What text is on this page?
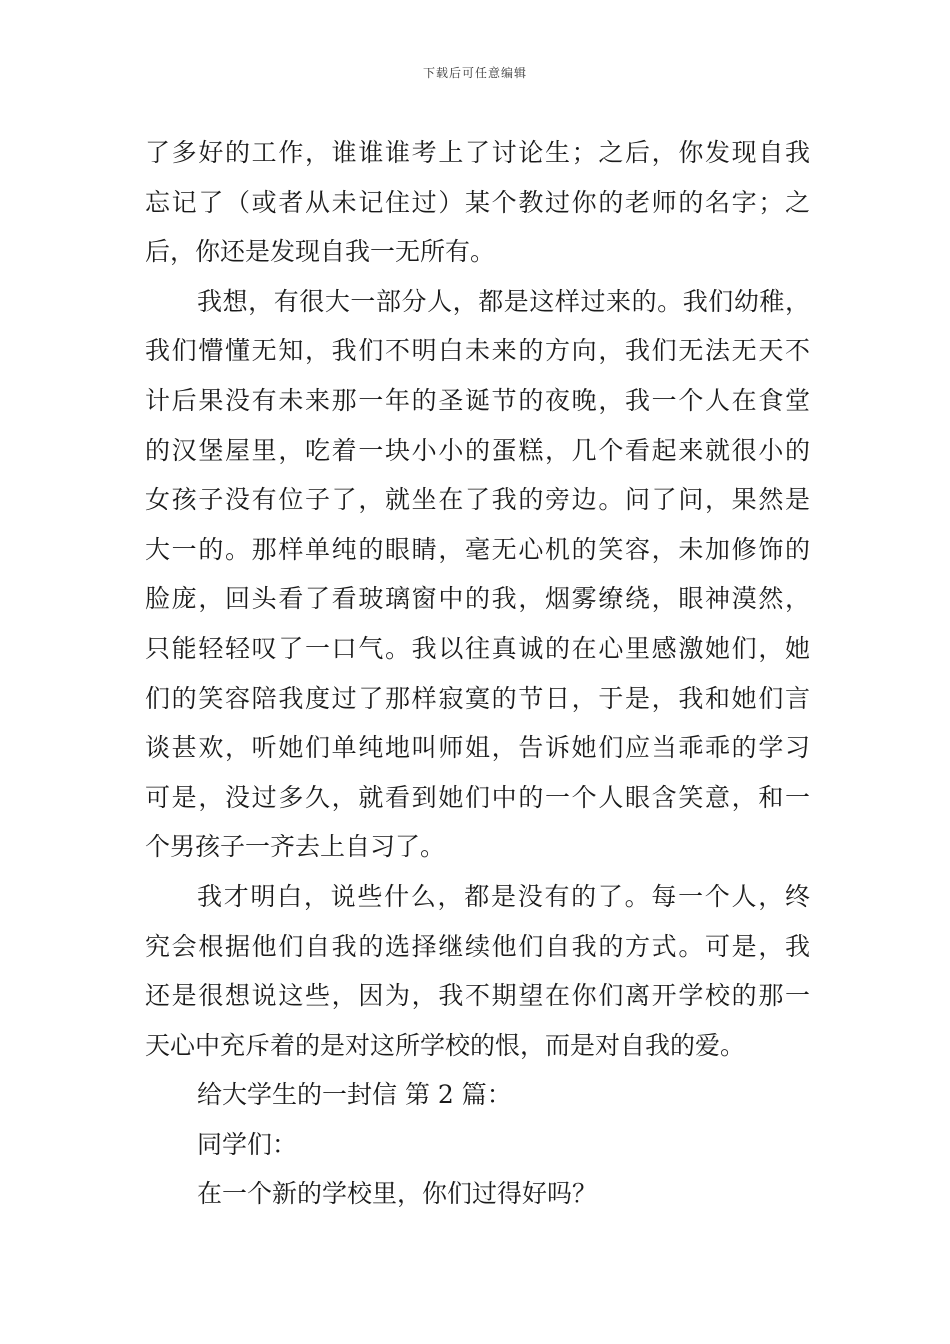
下载后可任意编辑
了多好的工作，谁谁谁考上了讨论生；之后，你发现自我
忘记了（或者从未记住过）某个教过你的老师的名字；之
后，你还是发现自我一无所有。
我想，有很大一部分人，都是这样过来的。我们幼稚，
我们懵懂无知，我们不明白未来的方向，我们无法无天不
计后果没有未来那一年的圣诞节的夜晚，我一个人在食堂
的汉堡屋里，吃着一块小小的蛋糕，几个看起来就很小的
女孩子没有位子了，就坐在了我的旁边。问了问，果然是
大一的。那样单纯的眼睛，毫无心机的笑容，未加修饰的
脸庞，回头看了看玻璃窗中的我，烟雾缭绕，眼神漠然，
只能轻轻叹了一口气。我以往真诚的在心里感激她们，她
们的笑容陪我度过了那样寂寞的节日，于是，我和她们言
谈甚欢，听她们单纯地叫师姐，告诉她们应当乖乖的学习
可是，没过多久，就看到她们中的一个人眼含笑意，和一
个男孩子一齐去上自习了。
我才明白，说些什么，都是没有的了。每一个人，终
究会根据他们自我的选择继续他们自我的方式。可是，我
还是很想说这些，因为，我不期望在你们离开学校的那一
天心中充斥着的是对这所学校的恨，而是对自我的爱。
给大学生的一封信 第 2 篇：
同学们：
在一个新的学校里，你们过得好吗？
